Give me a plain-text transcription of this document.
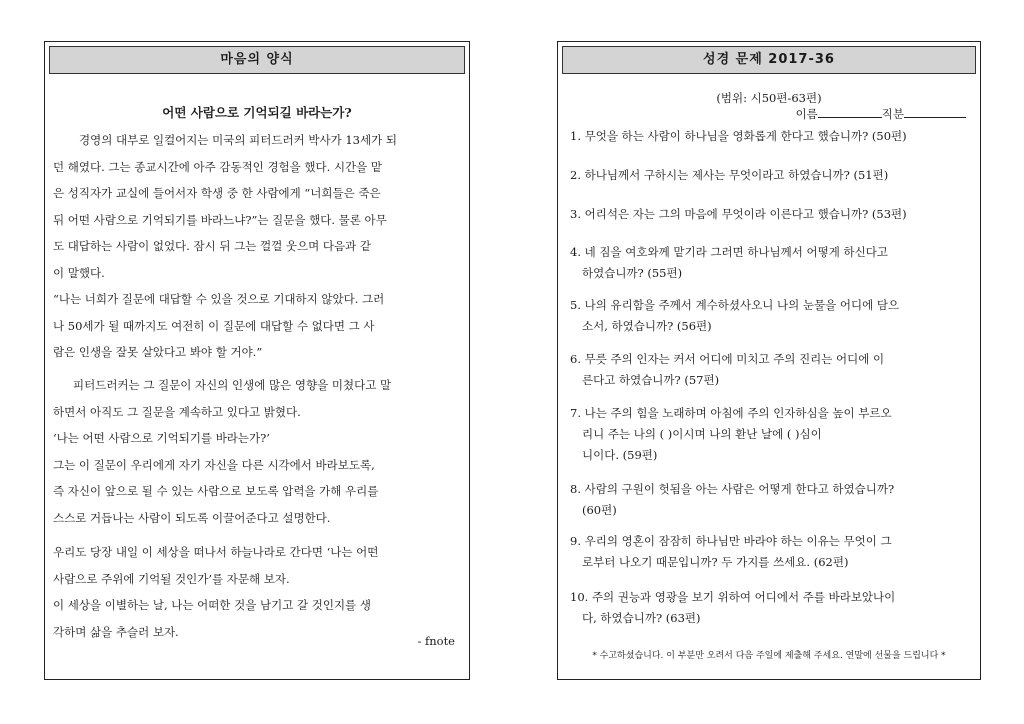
마음의 양식
어떤 사람으로 기억되길 바라는가?
경영의 대부로 일컬어지는 미국의 피터드러커 박사가 13세가 되
던 해였다. 그는 종교시간에 아주 감동적인 경험을 했다. 시간을 맡
은 성직자가 교실에 들어서자 학생 중 한 사람에게 “너희들은 죽은
뒤 어떤 사람으로 기억되기를 바라느냐?”는 질문을 했다. 물론 아무
도 대답하는 사람이 없었다. 잠시 뒤 그는 껄껄 웃으며 다음과 같
이 말했다.
“나는 너희가 질문에 대답할 수 있을 것으로 기대하지 않았다. 그러
나 50세가 될 때까지도 여전히 이 질문에 대답할 수 없다면 그 사
람은 인생을 잘못 살았다고 봐야 할 거야.”
피터드러커는 그 질문이 자신의 인생에 많은 영향을 미쳤다고 말
하면서 아직도 그 질문을 계속하고 있다고 밝혔다.
‘나는 어떤 사람으로 기억되기를 바라는가?’
그는 이 질문이 우리에게 자기 자신을 다른 시각에서 바라보도록,
즉 자신이 앞으로 될 수 있는 사람으로 보도록 압력을 가해 우리를
스스로 거듭나는 사람이 되도록 이끌어준다고 설명한다.
우리도 당장 내일 이 세상을 떠나서 하늘나라로 간다면 ‘나는 어떤
사람으로 주위에 기억될 것인가’를 자문해 보자.
이 세상을 이별하는 날, 나는 어떠한 것을 남기고 갈 것인지를 생
각하며 삶을 추슬러 보자.
- fnote
성경 문제 2017-36
(범위: 시50편-63편)
이름	직분
1. 무엇을 하는 사람이 하나님을 영화롭게 한다고 했습니까? (50편)
2. 하나님께서 구하시는 제사는 무엇이라고 하였습니까? (51편)
3. 어리석은 자는 그의 마음에 무엇이라 이른다고 했습니까? (53편)
4. 네 짐을 여호와께 맡기라 그러면 하나님께서 어떻게 하신다고
하였습니까? (55편)
5. 나의 유리함을 주께서 계수하셨사오니 나의 눈물을 어디에 담으
소서, 하였습니까? (56편)
6. 무릇 주의 인자는 커서 어디에 미치고 주의 진리는 어디에 이
른다고 하였습니까? (57편)
7. 나는 주의 힘을 노래하며 아침에 주의 인자하심을 높이 부르오
리니 주는 나의 ( )이시며 나의 환난 날에 ( )심이
니이다. (59편)
8. 사람의 구원이 헛됨을 아는 사람은 어떻게 한다고 하였습니까?
(60편)
9. 우리의 영혼이 잠잠히 하나님만 바라야 하는 이유는 무엇이 그
로부터 나오기 때문입니까? 두 가지를 쓰세요. (62편)
10. 주의 권능과 영광을 보기 위하여 어디에서 주를 바라보았나이
다, 하였습니까? (63편)
* 수고하셨습니다. 이 부분만 오려서 다음 주일에 제출해 주세요. 연말에 선물을 드립니다 *
